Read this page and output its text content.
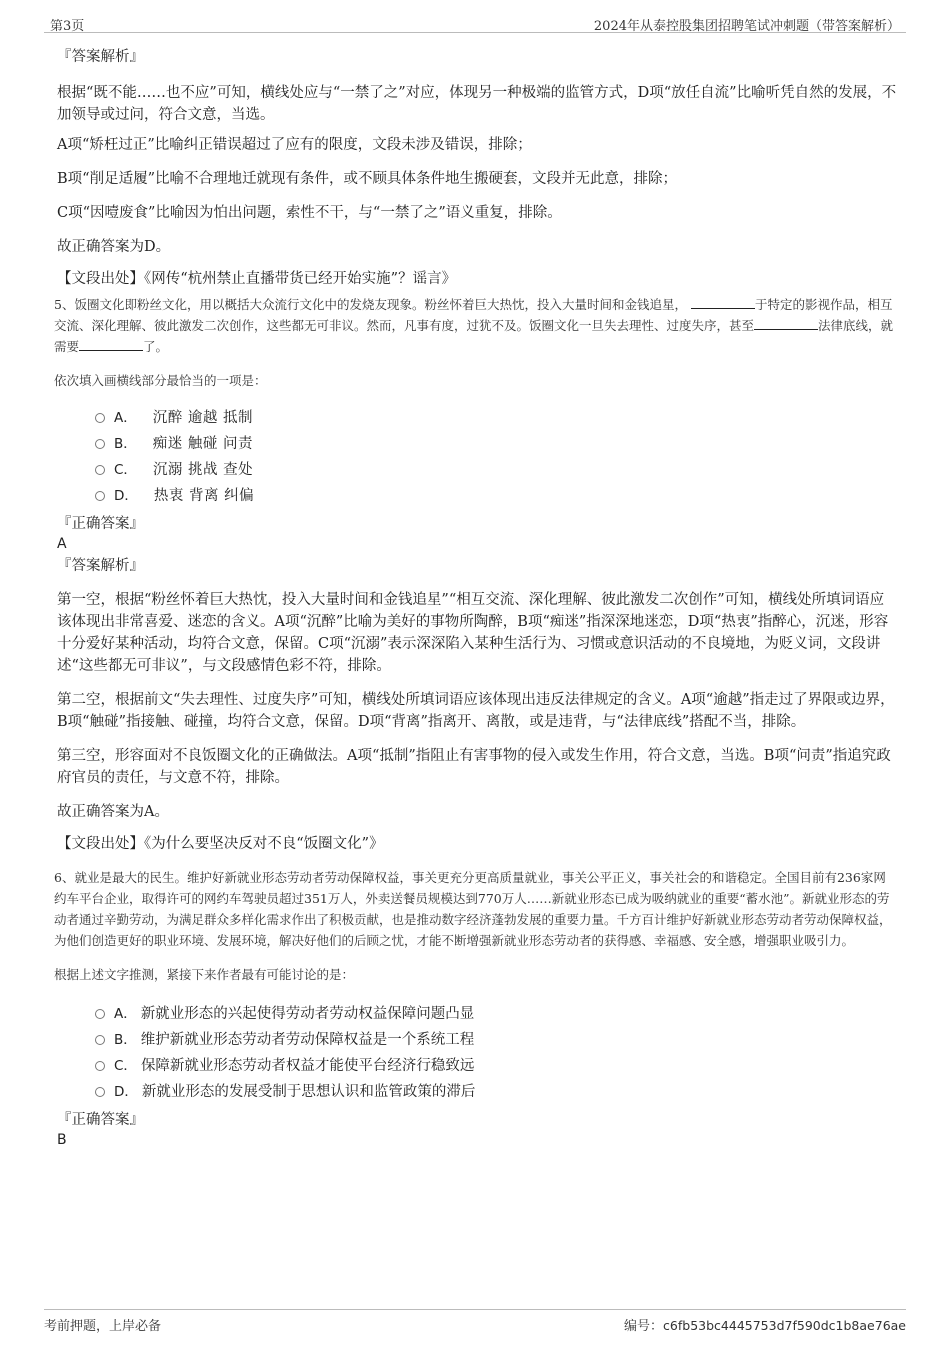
第3页	2024年从泰控股集团招聘笔试冲刺题（带答案解析）
『答案解析』
根据“既不能……也不应”可知，横线处应与“一禁了之”对应，体现另一种极端的监管方式，D项“放任自流”比喻听凭自然的发展，不加领导或过问，符合文意，当选。
A项“矫枉过正”比喻纠正错误超过了应有的限度，文段未涉及错误，排除；
B项“削足适履”比喻不合理地迁就现有条件，或不顾具体条件地生搬硬套，文段并无此意，排除；
C项“因噎废食”比喻因为怕出问题，索性不干，与“一禁了之”语义重复，排除。
故正确答案为D。
【文段出处】《网传“杭州禁止直播带货已经开始实施”？谣言》
5、饭圈文化即粉丝文化，用以概括大众流行文化中的发烧友现象。粉丝怀着巨大热忱，投入大量时间和金钱追星，	于特定的影视作品，相互交流、深化理解、彼此激发二次创作，这些都无可非议。然而，凡事有度，过犹不及。饭圈文化一旦失去理性、过度失序，甚至	法律底线，就需要	了。
依次填入画横线部分最恰当的一项是：
A． 沉醉 逾越 抵制
B． 痴迷 触碰 问责
C． 沉溺 挑战 查处
D． 热衷 背离 纠偏
『正确答案』
A
『答案解析』
第一空，根据“粉丝怀着巨大热忱，投入大量时间和金钱追星”“相互交流、深化理解、彼此激发二次创作”可知，横线处所填词语应该体现出非常喜爱、迷恋的含义。A项“沉醉”比喻为美好的事物所陶醉，B项“痴迷”指深深地迷恋，D项“热衷”指醉心，沉迷，形容十分爱好某种活动，均符合文意，保留。C项“沉溺”表示深深陷入某种生活行为、习惯或意识活动的不良境地，为贬义词，文段讲述“这些都无可非议”，与文段感情色彩不符，排除。
第二空，根据前文“失去理性、过度失序”可知，横线处所填词语应该体现出违反法律规定的含义。A项“逾越”指走过了界限或边界，B项“触碰”指接触、碰撞，均符合文意，保留。D项“背离”指离开、离散，或是违背，与“法律底线”搭配不当，排除。
第三空，形容面对不良饭圈文化的正确做法。A项“抵制”指阻止有害事物的侵入或发生作用，符合文意，当选。B项“问责”指追究政府官员的责任，与文意不符，排除。
故正确答案为A。
【文段出处】《为什么要坚决反对不良“饭圈文化”》
6、就业是最大的民生。维护好新就业形态劳动者劳动保障权益，事关更充分更高质量就业，事关公平正义，事关社会的和谐稳定。全国目前有236家网约车平台企业，取得许可的网约车驾驶员超过351万人，外卖送餐员规模达到770万人……新就业形态已成为吸纳就业的重要“蓄水池”。新就业形态的劳动者通过辛勤劳动，为满足群众多样化需求作出了积极贡献，也是推动数字经济蓬勃发展的重要力量。千方百计维护好新就业形态劳动者劳动保障权益，为他们创造更好的职业环境、发展环境，解决好他们的后顾之忧，才能不断增强新就业形态劳动者的获得感、幸福感、安全感，增强职业吸引力。
根据上述文字推测，紧接下来作者最有可能讨论的是：
A． 新就业形态的兴起使得劳动者劳动权益保障问题凸显
B． 维护新就业形态劳动者劳动保障权益是一个系统工程
C． 保障新就业形态劳动者权益才能使平台经济行稳致远
D． 新就业形态的发展受制于思想认识和监管政策的滞后
『正确答案』
B
考前押题，上岸必备	编号：c6fb53bc4445753d7f590dc1b8ae76ae
